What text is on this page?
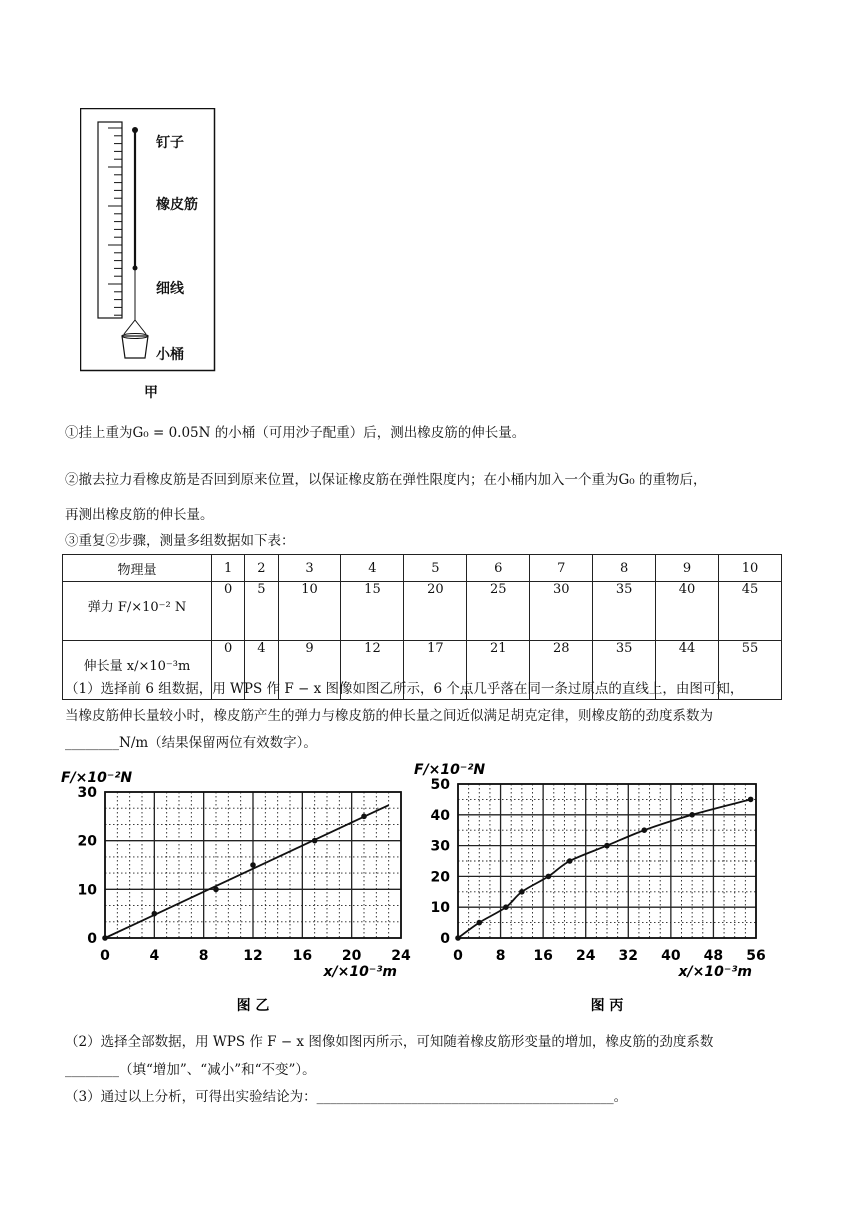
钉子
橡皮筋
细线
小桶
甲
①挂上重为G₀ = 0.05N 的小桶（可用沙子配重）后，测出橡皮筋的伸长量。
②撤去拉力看橡皮筋是否回到原来位置，以保证橡皮筋在弹性限度内；在小桶内加入一个重为G₀ 的重物后，
再测出橡皮筋的伸长量。
③重复②步骤，测量多组数据如下表：
物理量	1	2	3	4	5	6	7	8	9	10
弹力 F/×10⁻² N	0	5	10	15	20	25	30	35	40	45
伸长量 x/×10⁻³m	0	4	9	12	17	21	28	35	44	55
（1）选择前 6 组数据，用 WPS 作 F − x 图像如图乙所示，6 个点几乎落在同一条过原点的直线上，由图可知，
当橡皮筋伸长量较小时，橡皮筋产生的弹力与橡皮筋的伸长量之间近似满足胡克定律，则橡皮筋的劲度系数为
________N/m（结果保留两位有效数字）。
0	4	8 12 16 20 24
0
10
20
30
F/×10⁻²N
x/×10⁻³m
图 乙
0 8 16 24 32 40 48 56
0
10
20
30
40
50
F/×10⁻²N
x/×10⁻³m
图 丙
（2）选择全部数据，用 WPS 作 F − x 图像如图丙所示，可知随着橡皮筋形变量的增加，橡皮筋的劲度系数
________（填“增加”、“减小”和“不变”）。
（3）通过以上分析，可得出实验结论为：____________________________________________。
